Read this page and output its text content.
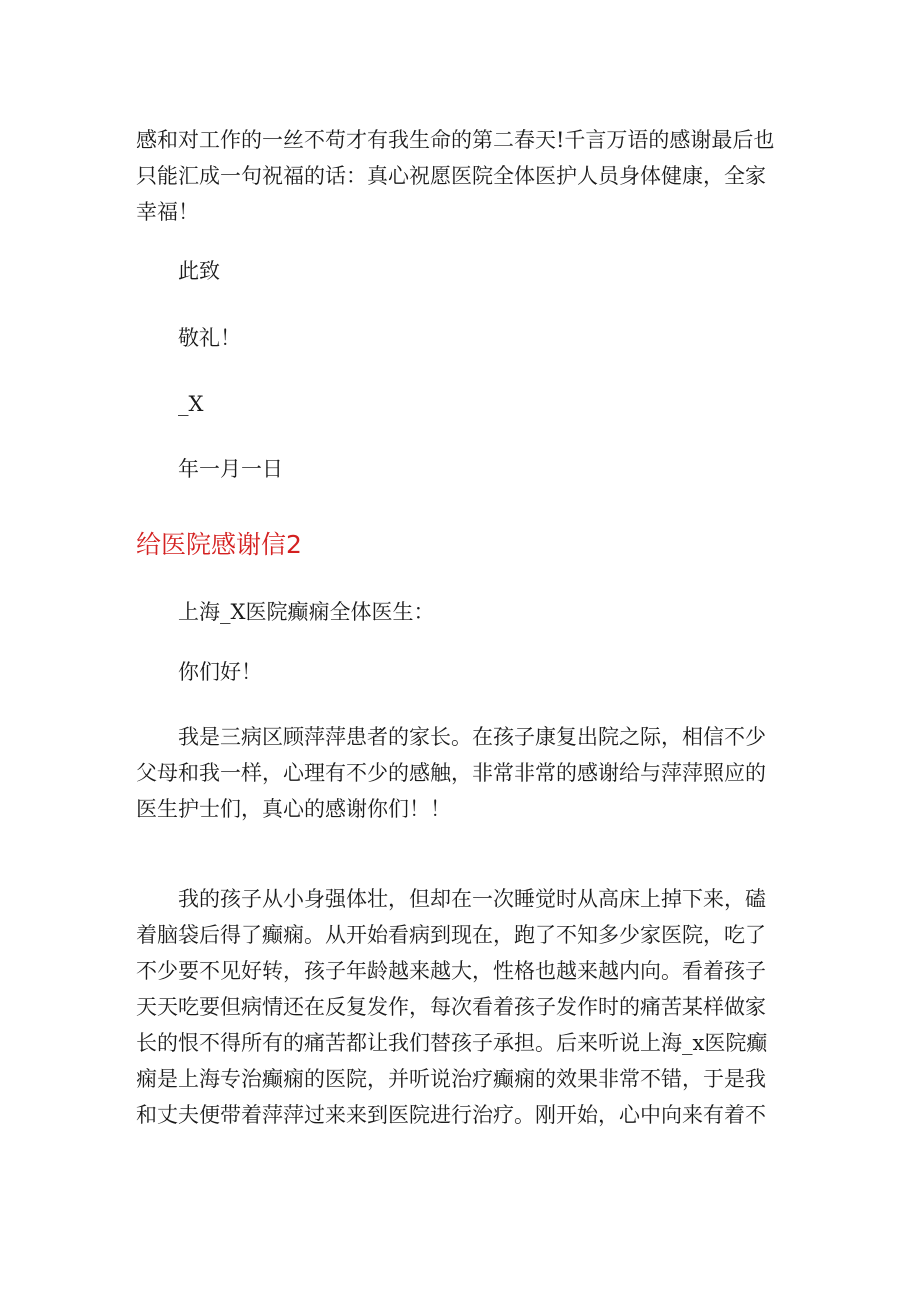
感和对工作的一丝不苟才有我生命的第二春天!千言万语的感谢最后也
只能汇成一句祝福的话：真心祝愿医院全体医护人员身体健康，全家
幸福！
此致
敬礼！
_X
年一月一日
给医院感谢信2
上海_X医院癫痫全体医生：
你们好！
我是三病区顾萍萍患者的家长。在孩子康复出院之际，相信不少
父母和我一样，心理有不少的感触，非常非常的感谢给与萍萍照应的
医生护士们，真心的感谢你们！！
我的孩子从小身强体壮，但却在一次睡觉时从高床上掉下来，磕
着脑袋后得了癫痫。从开始看病到现在，跑了不知多少家医院，吃了
不少要不见好转，孩子年龄越来越大，性格也越来越内向。看着孩子
天天吃要但病情还在反复发作，每次看着孩子发作时的痛苦某样做家
长的恨不得所有的痛苦都让我们替孩子承担。后来听说上海_x医院癫
痫是上海专治癫痫的医院，并听说治疗癫痫的效果非常不错，于是我
和丈夫便带着萍萍过来来到医院进行治疗。刚开始，心中向来有着不
